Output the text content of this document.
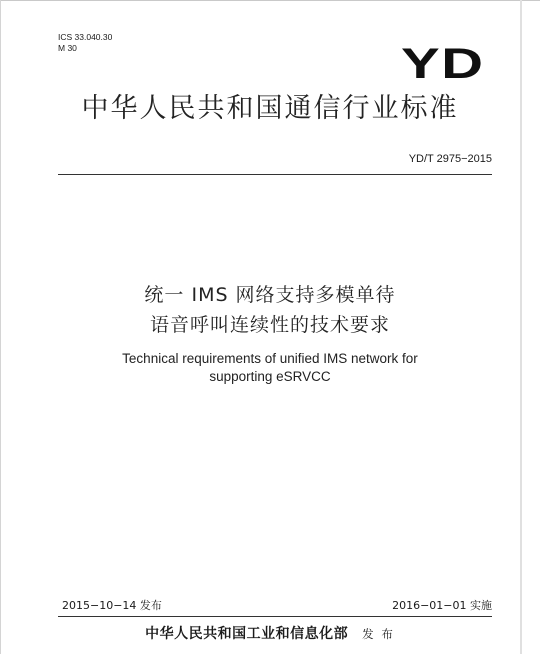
ICS 33.040.30
M 30	YD
中华人民共和国通信行业标准
YD/T 2975−2015
统一 IMS 网络支持多模单待
语音呼叫连续性的技术要求
Technical requirements of unified IMS network for
supporting eSRVCC
2015−10−14 发布	2016−01−01 实施
中华人民共和国工业和信息化部 发 布
